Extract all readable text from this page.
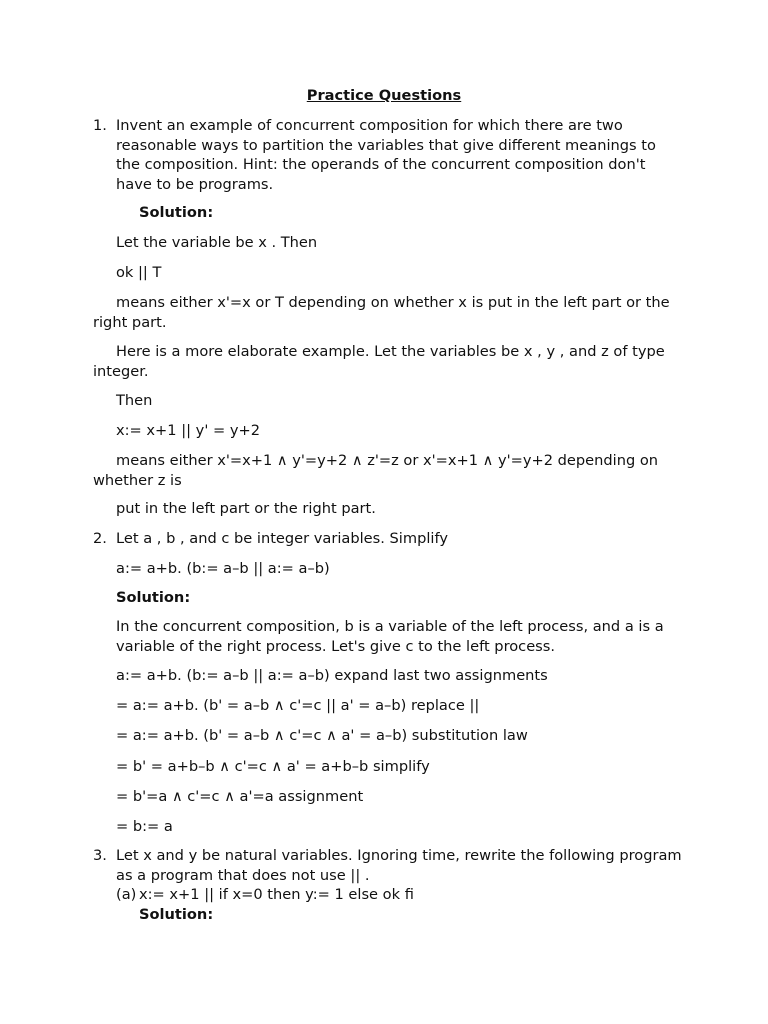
Practice Questions
1. Invent an example of concurrent composition for which there are two reasonable ways to partition the variables that give different meanings to the composition. Hint: the operands of the concurrent composition don't have to be programs.
Solution:
Let the variable be x . Then
ok || T
means either x'=x or T depending on whether x is put in the left part or the right part.
Here is a more elaborate example. Let the variables be x , y , and z of type integer.
Then
x:= x+1 || y' = y+2
means either x'=x+1 ∧ y'=y+2 ∧ z'=z or x'=x+1 ∧ y'=y+2 depending on whether z is
put in the left part or the right part.
2. Let a , b , and c be integer variables. Simplify
a:= a+b. (b:= a–b || a:= a–b)
Solution:
In the concurrent composition, b is a variable of the left process, and a is a variable of the right process. Let's give c to the left process.
a:= a+b. (b:= a–b || a:= a–b) expand last two assignments
= a:= a+b. (b' = a–b ∧ c'=c || a' = a–b) replace ||
= a:= a+b. (b' = a–b ∧ c'=c ∧ a' = a–b) substitution law
= b' = a+b–b ∧ c'=c ∧ a' = a+b–b simplify
= b'=a ∧ c'=c ∧ a'=a assignment
= b:= a
3. Let x and y be natural variables. Ignoring time, rewrite the following program as a program that does not use || .
(a) x:= x+1 || if x=0 then y:= 1 else ok fi
Solution:
